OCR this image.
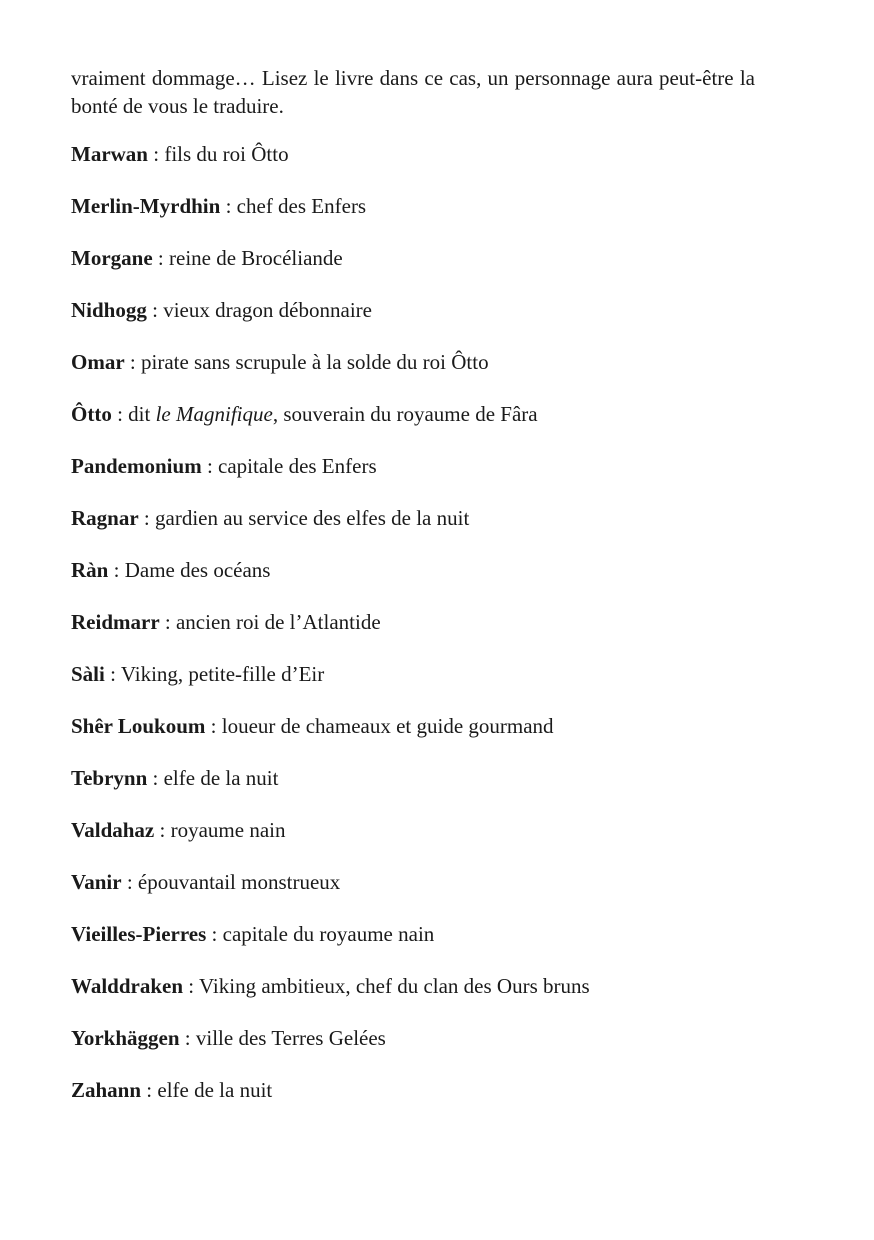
vraiment dommage… Lisez le livre dans ce cas, un personnage aura peut-être la bonté de vous le traduire.

Marwan : fils du roi Ôtto

Merlin-Myrdhin : chef des Enfers

Morgane : reine de Brocéliande

Nidhogg : vieux dragon débonnaire

Omar : pirate sans scrupule à la solde du roi Ôtto

Ôtto : dit le Magnifique, souverain du royaume de Fâra

Pandemonium : capitale des Enfers

Ragnar : gardien au service des elfes de la nuit

Ràn : Dame des océans

Reidmarr : ancien roi de l’Atlantide

Sàli : Viking, petite-fille d’Eir

Shêr Loukoum : loueur de chameaux et guide gourmand

Tebrynn : elfe de la nuit

Valdahaz : royaume nain

Vanir : épouvantail monstrueux

Vieilles-Pierres : capitale du royaume nain

Walddraken : Viking ambitieux, chef du clan des Ours bruns

Yorkhäggen : ville des Terres Gelées

Zahann : elfe de la nuit
